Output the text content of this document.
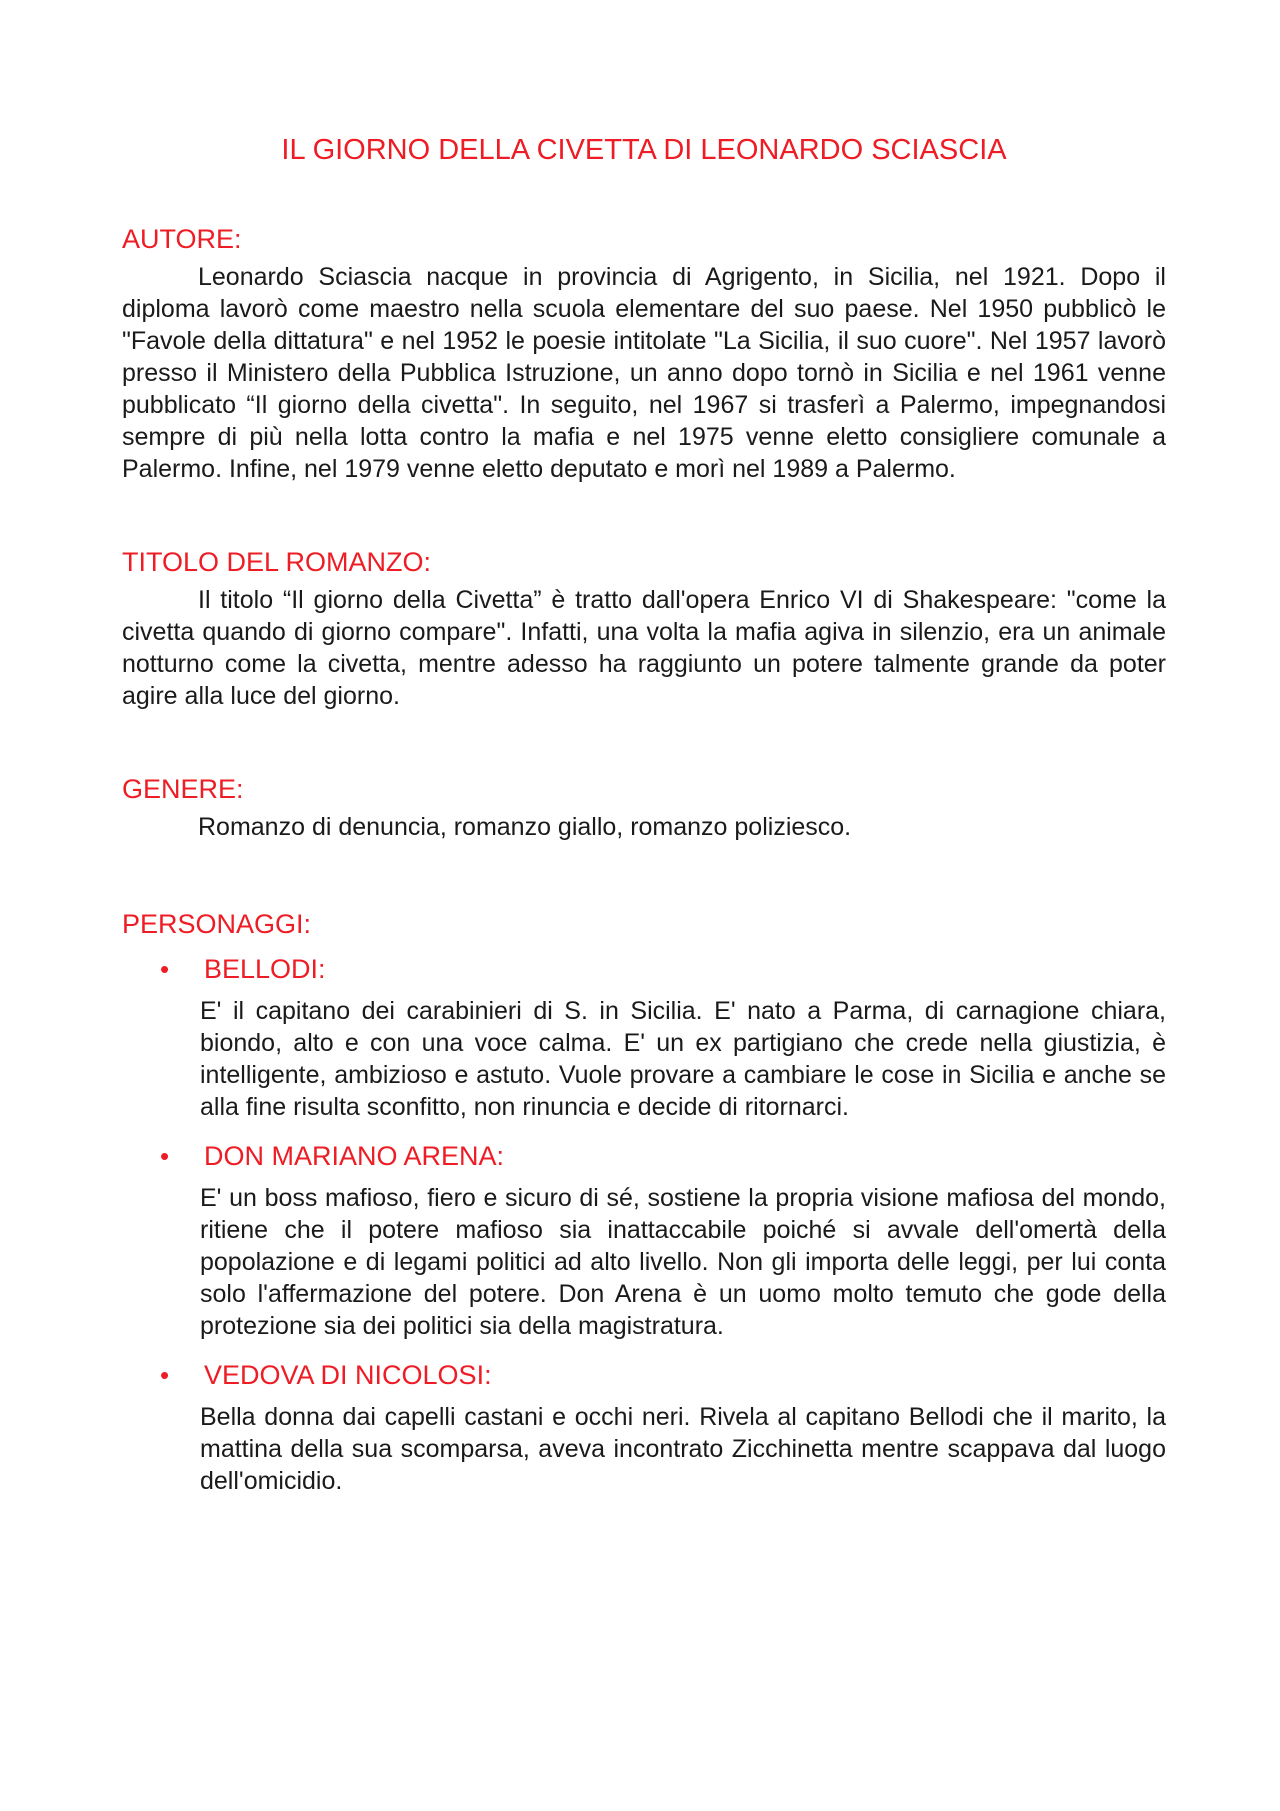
IL GIORNO DELLA CIVETTA DI LEONARDO SCIASCIA
AUTORE:

Leonardo Sciascia nacque in provincia di Agrigento, in Sicilia, nel 1921. Dopo il diploma lavorò come maestro nella scuola elementare del suo paese. Nel 1950 pubblicò le "Favole della dittatura" e nel 1952 le poesie intitolate "La Sicilia, il suo cuore". Nel 1957 lavorò presso il Ministero della Pubblica Istruzione, un anno dopo tornò in Sicilia e nel 1961 venne pubblicato “Il giorno della civetta". In seguito, nel 1967 si trasferì a Palermo, impegnandosi sempre di più nella lotta contro la mafia e nel 1975 venne eletto consigliere comunale a Palermo. Infine, nel 1979 venne eletto deputato e morì nel 1989 a Palermo.

TITOLO DEL ROMANZO:

Il titolo “Il giorno della Civetta” è tratto dall'opera Enrico VI di Shakespeare: "come la civetta quando di giorno compare". Infatti, una volta la mafia agiva in silenzio, era un animale notturno come la civetta, mentre adesso ha raggiunto un potere talmente grande da poter agire alla luce del giorno.

GENERE:

Romanzo di denuncia, romanzo giallo, romanzo poliziesco.

PERSONAGGI:
•	BELLODI:
E' il capitano dei carabinieri di S. in Sicilia. E' nato a Parma, di carnagione chiara, biondo, alto e con una voce calma. E' un ex partigiano che crede nella giustizia, è intelligente, ambizioso e astuto. Vuole provare a cambiare le cose in Sicilia e anche se alla fine risulta sconfitto, non rinuncia e decide di ritornarci.
•	DON MARIANO ARENA:
E' un boss mafioso, fiero e sicuro di sé, sostiene la propria visione mafiosa del mondo, ritiene che il potere mafioso sia inattaccabile poiché si avvale dell'omertà della popolazione e di legami politici ad alto livello. Non gli importa delle leggi, per lui conta solo l'affermazione del potere. Don Arena è un uomo molto temuto che gode della protezione sia dei politici sia della magistratura.
•	VEDOVA DI NICOLOSI:
Bella donna dai capelli castani e occhi neri. Rivela al capitano Bellodi che il marito, la mattina della sua scomparsa, aveva incontrato Zicchinetta mentre scappava dal luogo dell'omicidio.
